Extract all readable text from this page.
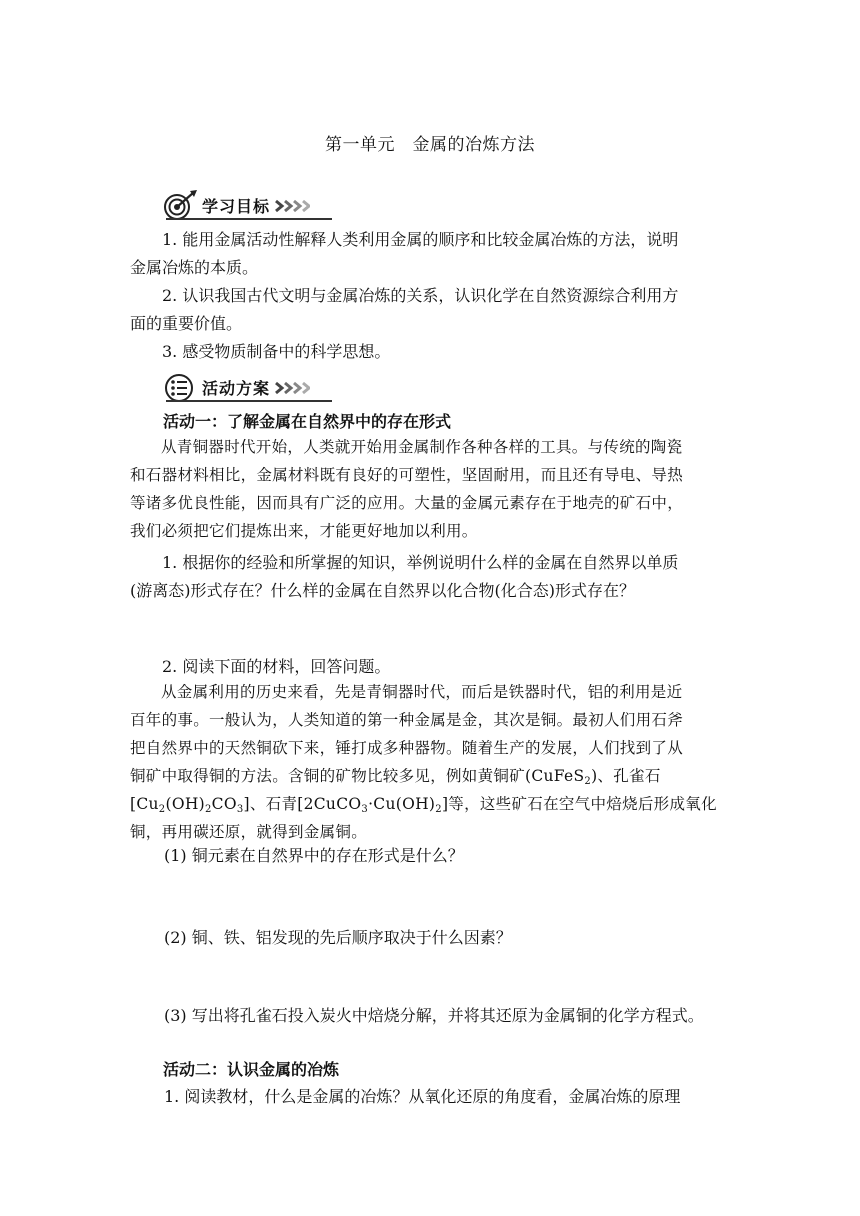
第一单元　金属的冶炼方法
学习目标
1. 能用金属活动性解释人类利用金属的顺序和比较金属冶炼的方法，说明
金属冶炼的本质。
2. 认识我国古代文明与金属冶炼的关系，认识化学在自然资源综合利用方
面的重要价值。
3. 感受物质制备中的科学思想。
活动方案
活动一：了解金属在自然界中的存在形式
从青铜器时代开始，人类就开始用金属制作各种各样的工具。与传统的陶瓷
和石器材料相比，金属材料既有良好的可塑性，坚固耐用，而且还有导电、导热
等诸多优良性能，因而具有广泛的应用。大量的金属元素存在于地壳的矿石中，
我们必须把它们提炼出来，才能更好地加以利用。
1. 根据你的经验和所掌握的知识，举例说明什么样的金属在自然界以单质
(游离态)形式存在？什么样的金属在自然界以化合物(化合态)形式存在？
2. 阅读下面的材料，回答问题。
从金属利用的历史来看，先是青铜器时代，而后是铁器时代，铝的利用是近
百年的事。一般认为，人类知道的第一种金属是金，其次是铜。最初人们用石斧
把自然界中的天然铜砍下来，锤打成多种器物。随着生产的发展，人们找到了从
铜矿中取得铜的方法。含铜的矿物比较多见，例如黄铜矿(CuFeS$_2$)、孔雀石
$[Cu_2(OH)_2CO_3]$、石青$[2CuCO_3\cdot Cu(OH)_2]$等，这些矿石在空气中焙烧后形成氧化
铜，再用碳还原，就得到金属铜。
(1) 铜元素在自然界中的存在形式是什么？
(2) 铜、铁、铝发现的先后顺序取决于什么因素？
(3) 写出将孔雀石投入炭火中焙烧分解，并将其还原为金属铜的化学方程式。
活动二：认识金属的冶炼
1. 阅读教材，什么是金属的冶炼？从氧化还原的角度看，金属冶炼的原理
